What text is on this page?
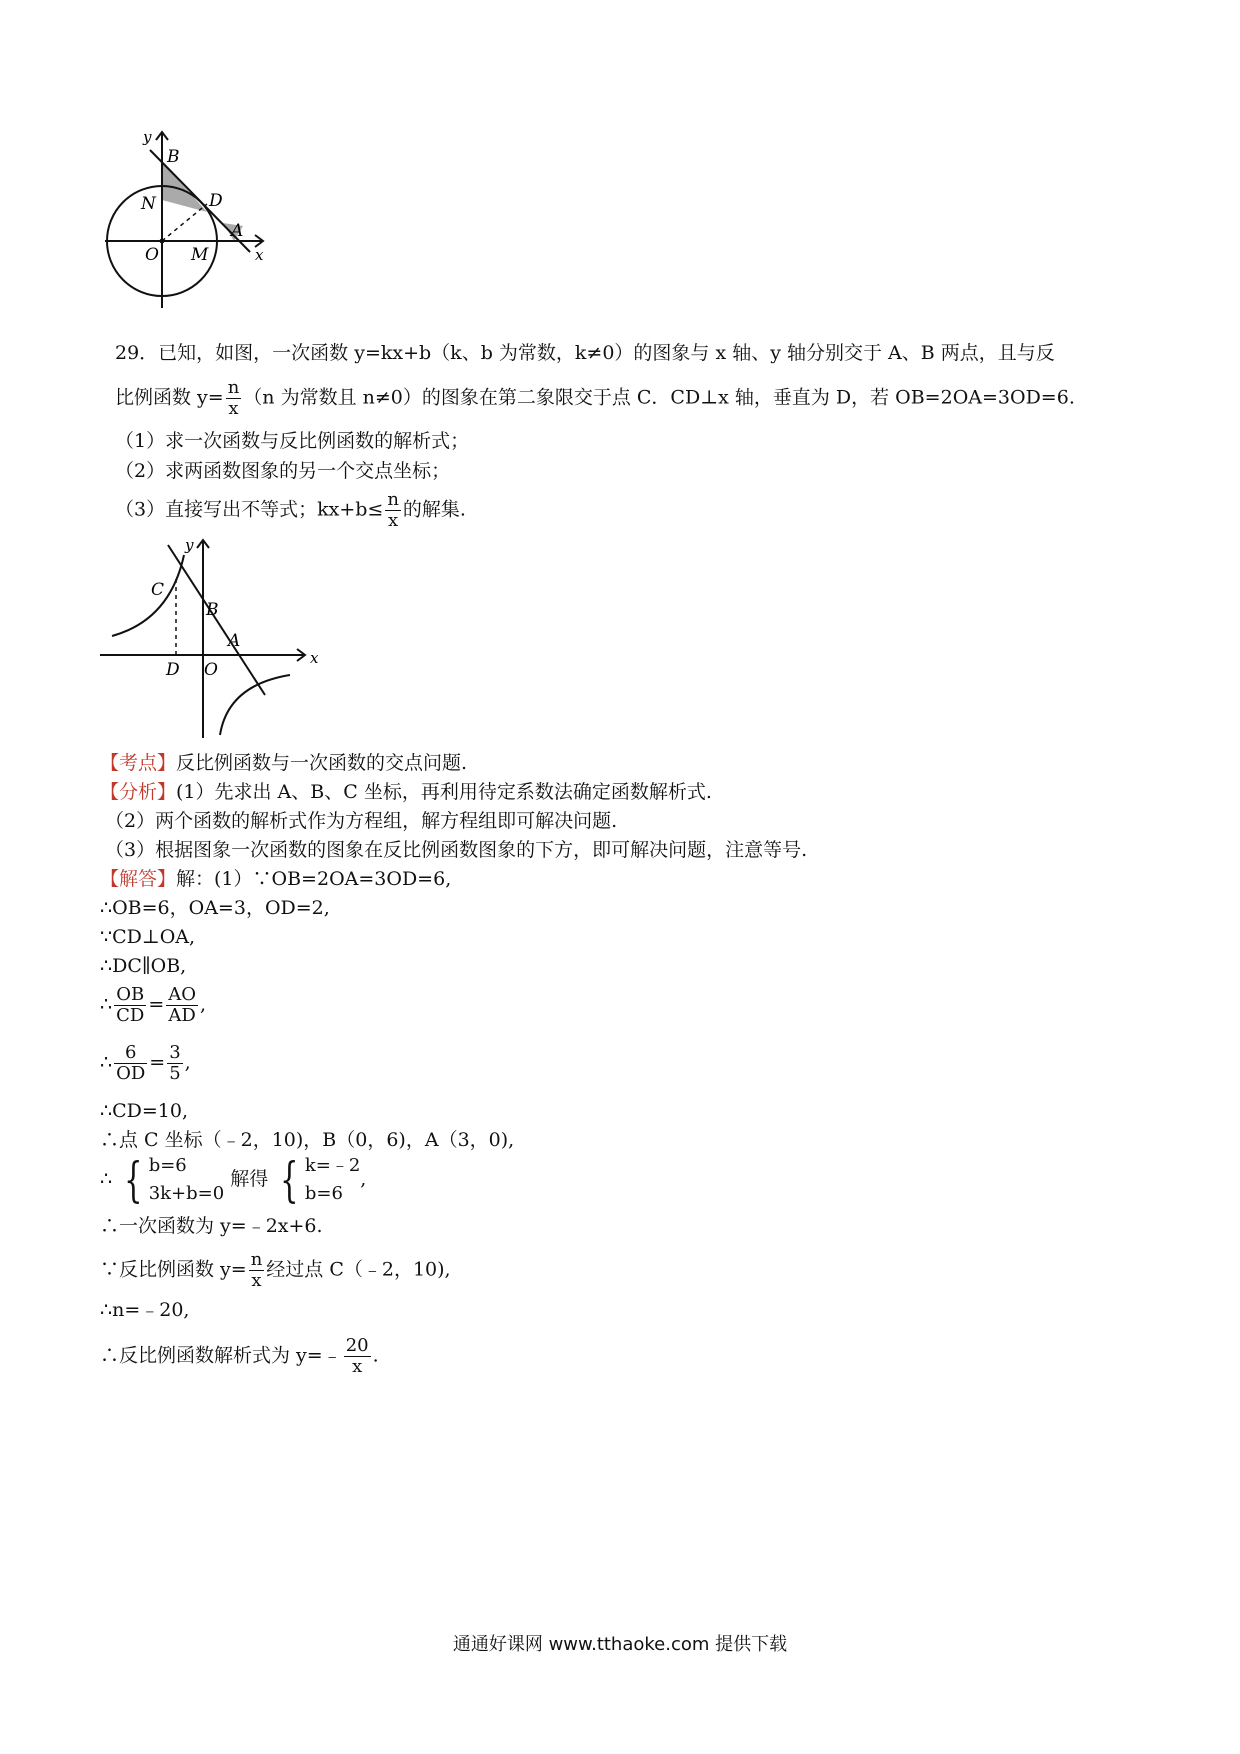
y
B
N	D
A
O M	x
29．已知，如图，一次函数 y=kx+b（k、b 为常数，k≠0）的图象与 x 轴、y 轴分别交于 A、B 两点，且与反
比例函数 $y= \frac{n}{x} (n$ 为常数且 n≠0）的图象在第二象限交于点 C．CD⊥x 轴，垂直为 D，若 OB=2OA=3OD=6.
（1）求一次函数与反比例函数的解析式；
（2）求两函数图象的另一个交点坐标；
（3）直接写出不等式；$kx+b\le \frac{n}{x}$ 的解集.
y
C
B
A
D O
x
【考点】反比例函数与一次函数的交点问题.
【分析】(1）先求出 A、B、C 坐标，再利用待定系数法确定函数解析式.
（2）两个函数的解析式作为方程组，解方程组即可解决问题.
（3）根据图象一次函数的图象在反比例函数图象的下方，即可解决问题，注意等号.
【解答】解：(1）∵OB=2OA=3OD=6,
∴OB=6，OA=3，OD=2,
∵CD⊥OA,
∴DC∥OB,
∴ $\frac{OB}{CD} = \frac{AO}{AD}$ ,
∴ $\frac{6}{OD} = \frac{3}{5}$ ,
∴CD=10,
∴点 C 坐标（﹣2，10)，B（0，6)，A（3，0),
∴ { b=6
3k+b=0
解得 { k=﹣2
b=6
,
∴一次函数为 y=﹣2x+6.
∵反比例函数 $y= \frac{n}{x}$ 经过点 C（﹣2，10),
∴n=﹣20,
∴反比例函数解析式为 y=﹣ $\frac{20}{x}$ .
通通好课网 www.tthaoke.com 提供下载
